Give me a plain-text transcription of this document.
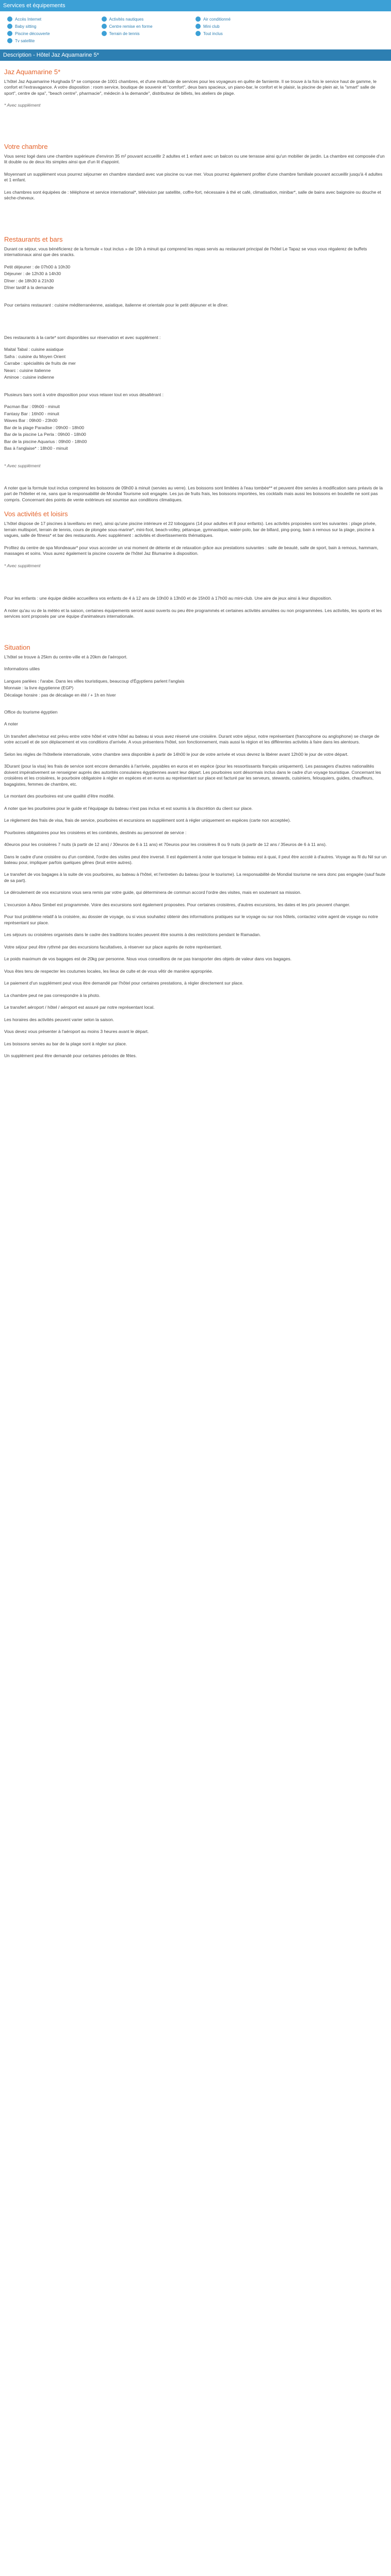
Services et équipements
Accès Internet	Activités nautiques	Air conditionné
Baby sitting	Centre remise en forme	Mini club
Piscine découverte	Terrain de tennis	Tout inclus
Tv satellite
Description - Hôtel Jaz Aquamarine 5*
Jaz Aquamarine 5*

L'hôtel Jaz Aquamarine Hurghada 5* se compose de 1001 chambres, et d'une multitude de services pour les voyageurs en quête de farniente. Il se trouve à la fois le service haut de gamme, le confort et l'extravagance. A votre disposition : room service, boutique de souvenir et "comfort", deux bars spacieux, un piano-bar, le confort et le plaisir, la piscine de plein air, la "smart" salle de sport", centre de spa", "beach centre", pharmacie", médecin à la demande", distributeur de billets, les ateliers de plage.

* Avec supplément

Votre chambre

Vous serez logé dans une chambre supérieure d'environ 35 m² pouvant accueillir 2 adultes et 1 enfant avec un balcon ou une terrasse ainsi qu'un mobilier de jardin. La chambre est composée d'un lit double ou de deux lits simples ainsi que d'un lit d'appoint.

Moyennant un supplément vous pourrez séjourner en chambre standard avec vue piscine ou vue mer. Vous pourrez également profiter d'une chambre familiale pouvant accueillir jusqu'à 4 adultes et 1 enfant.

Les chambres sont équipées de : téléphone et service international*, télévision par satellite, coffre-fort, nécessaire à thé et café, climatisation, minibar*, salle de bains avec baignoire ou douche et sèche-cheveux.

Restaurants et bars

Durant ce séjour, vous bénéficierez de la formule « tout inclus » de 10h à minuit qui comprend les repas servis au restaurant principal de l'hôtel Le Tapaz se vous vous régalerez de buffets internationaux ainsi que des snacks.

Petit déjeuner : de 07h00 à 10h30

Déjeuner : de 12h30 à 14h30

Dîner : de 18h30 à 21h30

Dîner tardif à la demande

Pour certains restaurant : cuisine méditerranéenne, asiatique, italienne et orientale pour le petit déjeuner et le dîner.

Des restaurants à la carte* sont disponibles sur réservation et avec supplément :

Maital Tabal : cuisine asiatique

Safra : cuisine du Moyen Orient

Carrabe : spécialités de fruits de mer

Nearc : cuisine italienne

Aminoe : cuisine indienne

Plusieurs bars sont à votre disposition pour vous relaxer tout en vous désaltérant :

Pacman Bar : 09h00 - minuit

Fantasy Bar : 16h00 - minuit

Waves Bar : 09h00 - 23h00

Bar de la plage Paradise : 09h00 - 18h00

Bar de la piscine La Perla : 09h00 - 18h00

Bar de la piscine Aquarius : 09h00 - 18h00

Bas à l'anglaise* : 18h00 - minuit

* Avec supplément

A noter que la formule tout inclus comprend les boissons de 09h00 à minuit (servies au verre). Les boissons sont limitées à l'eau tombée** et peuvent être servies à modification sans préavis de la part de l'hôtelier et ne, sans que la responsabilité de Mondial Tourisme soit engagée. Les jus de fruits frais, les boissons importées, les cocktails mais aussi les boissons en bouteille ne sont pas compris. Concernant des points de vente extérieurs est soumise aux conditions climatiques.

Vos activités et loisirs

L'hôtel dispose de 17 piscines à laveillanu en mer), ainsi qu'une piscine intérieure et 22 toboggans (14 pour adultes et 8 pour enfants). Les activités proposées sont les suivantes : plage privée, terrain multisport, terrain de tennis, cours de plongée sous-marine*, mini-foot, beach-volley, pétanque, gymnastique, water-polo, bar de billard, ping-pong, bain à remous sur la plage, piscine à vagues, salle de fitness* et bar des restaurants. Avec supplément : activités et divertissements thématiques.

Profitez du centre de spa Mondeauar* pour vous accorder un vrai moment de détente et de relaxation grâce aux prestations suivantes : salle de beauté, salle de sport, bain à remous, hammam, massages et soins. Vous aurez également la piscine couverte de l'hôtel Jaz Blumarine à disposition.

* Avec supplément

Pour les enfants : une équipe dédiée accueillera vos enfants de 4 à 12 ans de 10h00 à 13h00 et de 15h00 à 17h00 au mini-club. Une aire de jeux ainsi à leur disposition.

A noter qu'au vu de la météo et la saison, certaines équipements seront aussi ouverts ou peu être programmés et certaines activités annulées ou non programmées. Les activités, les sports et les services sont proposés par une équipe d'animateurs internationale.

Situation

L'hôtel se trouve à 25km du centre-ville et à 20km de l'aéroport.

Informations utiles

Langues parlées : l'arabe. Dans les villes touristiques, beaucoup d'Égyptiens parlent l'anglais

Monnaie : la livre égyptienne (EGP)

Décalage horaire : pas de décalage en été / + 1h en hiver

Office du tourisme égyptien

A noter

Un transfert aller/retour est prévu entre votre hôtel et votre hôtel au bateau si vous avez réservé une croisière. Durant votre séjour, notre représentant (francophone ou anglophone) se charge de votre accueil et de son déplacement et vos conditions d'arrivée. A vous présentera l'hôtel, son fonctionnement, mais aussi la région et les différentes activités à faire dans les alentours.

Selon les règles de l'hôtellerie internationale, votre chambre sera disponible à partir de 14h00 le jour de votre arrivée et vous devrez la libérer avant 12h00 le jour de votre départ.

3Durant (pour la visa) les frais de service sont encore demandés à l'arrivée, payables en euros et en espèce (pour les ressortissants français uniquement). Les passagers d'autres nationalités doivent impérativement se renseigner auprès des autorités consulaires égyptiennes avant leur départ. Les pourboires sont désormais inclus dans le cadre d'un voyage touristique. Concernant les croisières et les croisières, le pourboire obligatoire à régler en espèces et en euros au représentant sur place est facturé par les serveurs, stewards, cuisiniers, felouquiers, guides, chauffeurs, bagagistes, femmes de chambre, etc.

Le montant des pourboires est une qualité d'être modifié.

A noter que les pourboires pour le guide et l'équipage du bateau n'est pas inclus et est soumis à la discrétion du client sur place.

Le règlement des frais de visa, frais de service, pourboires et excursions en supplément sont à régler uniquement en espèces (carte non acceptée).

Pourboires obligatoires pour les croisières et les combinés, destinés au personnel de service :

40euros pour les croisières 7 nuits (à partir de 12 ans) / 30euros de 6 à 11 ans) et 70euros pour les croisières 8 ou 9 nuits (à partir de 12 ans / 35euros de 6 à 11 ans).

Dans le cadre d'une croisière ou d'un combiné, l'ordre des visites peut être inversé. Il est également à noter que lorsque le bateau est à quai, il peut être accolé à d'autres. Voyage au fil du Nil sur un bateau pour, impliquer parfois quelques gênes (bruit entre autres).

Le transfert de vos bagages à la suite de vos pourboires, au bateau à l'hôtel, et l'entretien du bateau (pour le tourisme). La responsabilité de Mondial tourisme ne sera donc pas engagée (sauf faute de sa part).

Le déroulement de vos excursions vous sera remis par votre guide, qui déterminera de commun accord l'ordre des visites, mais en soutenant sa mission.

L'excursion à Abou Simbel est programmée. Voire des excursions sont également proposées. Pour certaines croisières, d'autres excursions, les dates et les prix peuvent changer.

Pour tout problème relatif à la croisière, au dossier de voyage, ou si vous souhaitez obtenir des informations pratiques sur le voyage ou sur nos hôtels, contactez votre agent de voyage ou notre représentant sur place.

Les séjours ou croisières organisés dans le cadre des traditions locales peuvent être soumis à des restrictions pendant le Ramadan.

Votre séjour peut être rythmé par des excursions facultatives, à réserver sur place auprès de notre représentant.

Le poids maximum de vos bagages est de 20kg par personne. Nous vous conseillons de ne pas transporter des objets de valeur dans vos bagages.

Vous êtes tenu de respecter les coutumes locales, les lieux de culte et de vous vêtir de manière appropriée.

Le paiement d'un supplément peut vous être demandé par l'hôtel pour certaines prestations, à régler directement sur place.

La chambre peut ne pas correspondre à la photo.

Le transfert aéroport / hôtel / aéroport est assuré par notre représentant local.

Les horaires des activités peuvent varier selon la saison.

Vous devez vous présenter à l'aéroport au moins 3 heures avant le départ.

Les boissons servies au bar de la plage sont à régler sur place.

Un supplément peut être demandé pour certaines périodes de fêtes.
